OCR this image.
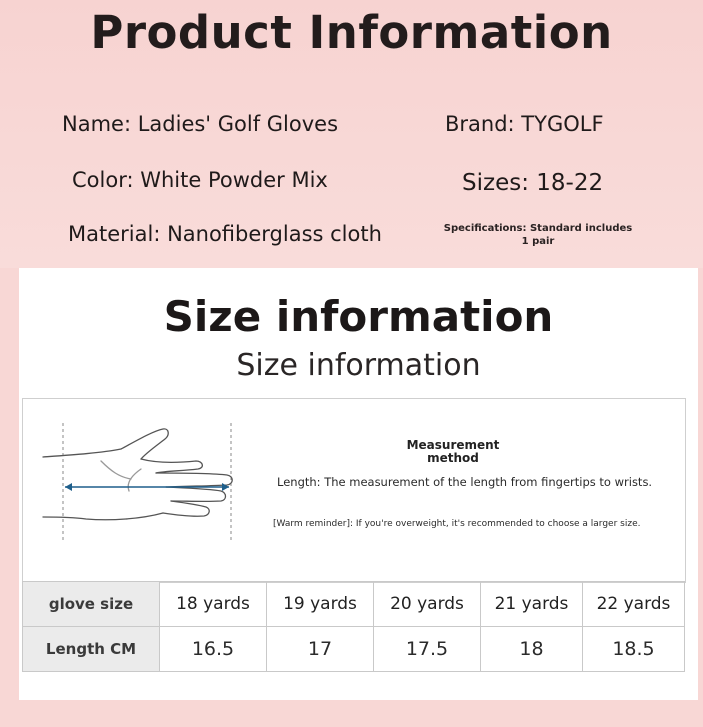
Product Information
Name: Ladies' Golf Gloves	Brand: TYGOLF
Color: White Powder Mix	Sizes: 18-22
Material: Nanofiberglass cloth	Specifications: Standard includes
1 pair
Size information
Size information
Measurement
method
Length: The measurement of the length from fingertips to wrists.
[Warm reminder]: If you're overweight, it's recommended to choose a larger size.
glove size	18 yards	19 yards	20 yards	21 yards	22 yards
Length CM	16.5	17	17.5	18	18.5
